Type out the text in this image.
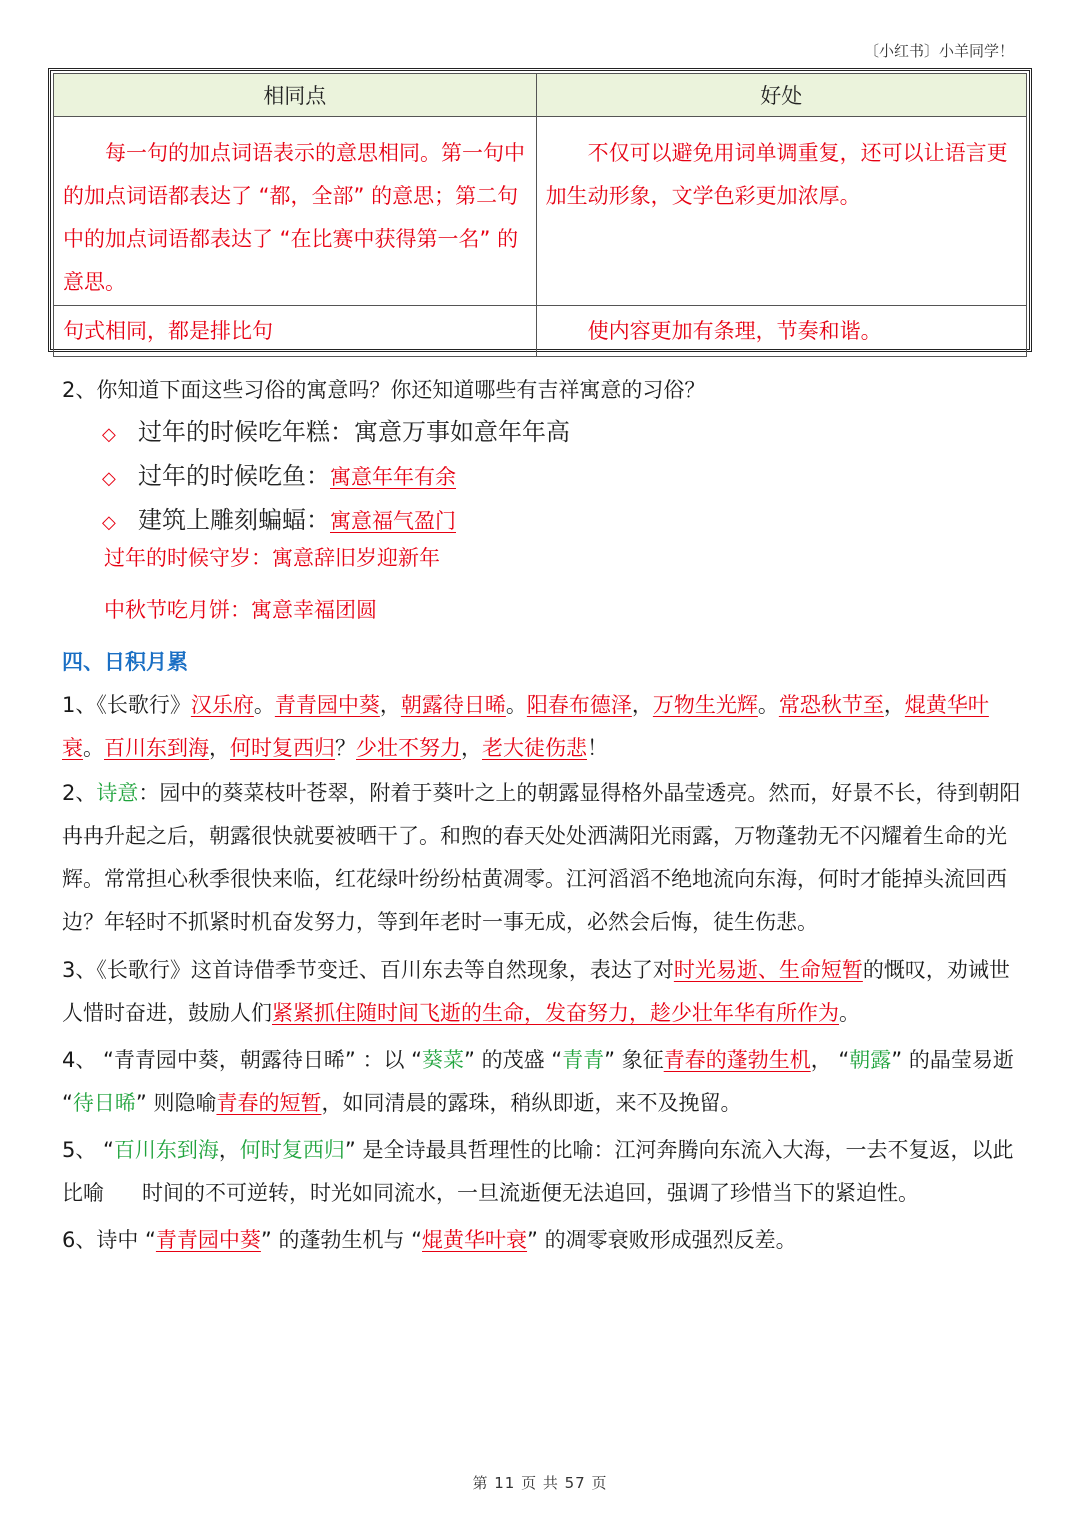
〔小红书〕小羊同学！
相同点	好处

每一句的加点词语表示的意思相同。第一句中的加点词语都表达了 “都，全部” 的意思；第二句中的加点词语都表达了 “在比赛中获得第一名” 的意思。	不仅可以避免用词单调重复，还可以让语言更加生动形象，文学色彩更加浓厚。

句式相同，都是排比句	使内容更加有条理，节奏和谐。
2、你知道下面这些习俗的寓意吗？你还知道哪些有吉祥寓意的习俗？
◇ 过年的时候吃年糕：寓意万事如意年年高
◇ 过年的时候吃鱼：寓意年年有余
◇ 建筑上雕刻蝙蝠：寓意福气盈门
过年的时候守岁：寓意辞旧岁迎新年
中秋节吃月饼：寓意幸福团圆
四、日积月累
1、《长歌行》汉乐府。青青园中葵，朝露待日晞。阳春布德泽，万物生光辉。常恐秋节至，焜黄华叶衰。百川东到海，何时复西归？少壮不努力，老大徒伤悲！
2、诗意：园中的葵菜枝叶苍翠，附着于葵叶之上的朝露显得格外晶莹透亮。然而，好景不长，待到朝阳冉冉升起之后，朝露很快就要被晒干了。和煦的春天处处洒满阳光雨露，万物蓬勃无不闪耀着生命的光辉。常常担心秋季很快来临，红花绿叶纷纷枯黄凋零。江河滔滔不绝地流向东海，何时才能掉头流回西边？年轻时不抓紧时机奋发努力，等到年老时一事无成，必然会后悔，徒生伤悲。
3、《长歌行》这首诗借季节变迁、百川东去等自然现象，表达了对时光易逝、生命短暂的慨叹，劝诫世人惜时奋进，鼓励人们紧紧抓住随时间飞逝的生命，发奋努力，趁少壮年华有所作为。
4、 “青青园中葵，朝露待日晞” ：以 “葵菜” 的茂盛 “青青” 象征青春的蓬勃生机， “朝露” 的晶莹易逝 “待日晞” 则隐喻青春的短暂，如同清晨的露珠，稍纵即逝，来不及挽留。
5、 “百川东到海，何时复西归” 是全诗最具哲理性的比喻：江河奔腾向东流入大海，一去不复返，以此比喻 时间的不可逆转，时光如同流水，一旦流逝便无法追回，强调了珍惜当下的紧迫性。
6、诗中 “青青园中葵” 的蓬勃生机与 “焜黄华叶衰” 的凋零衰败形成强烈反差。
第 11 页 共 57 页
